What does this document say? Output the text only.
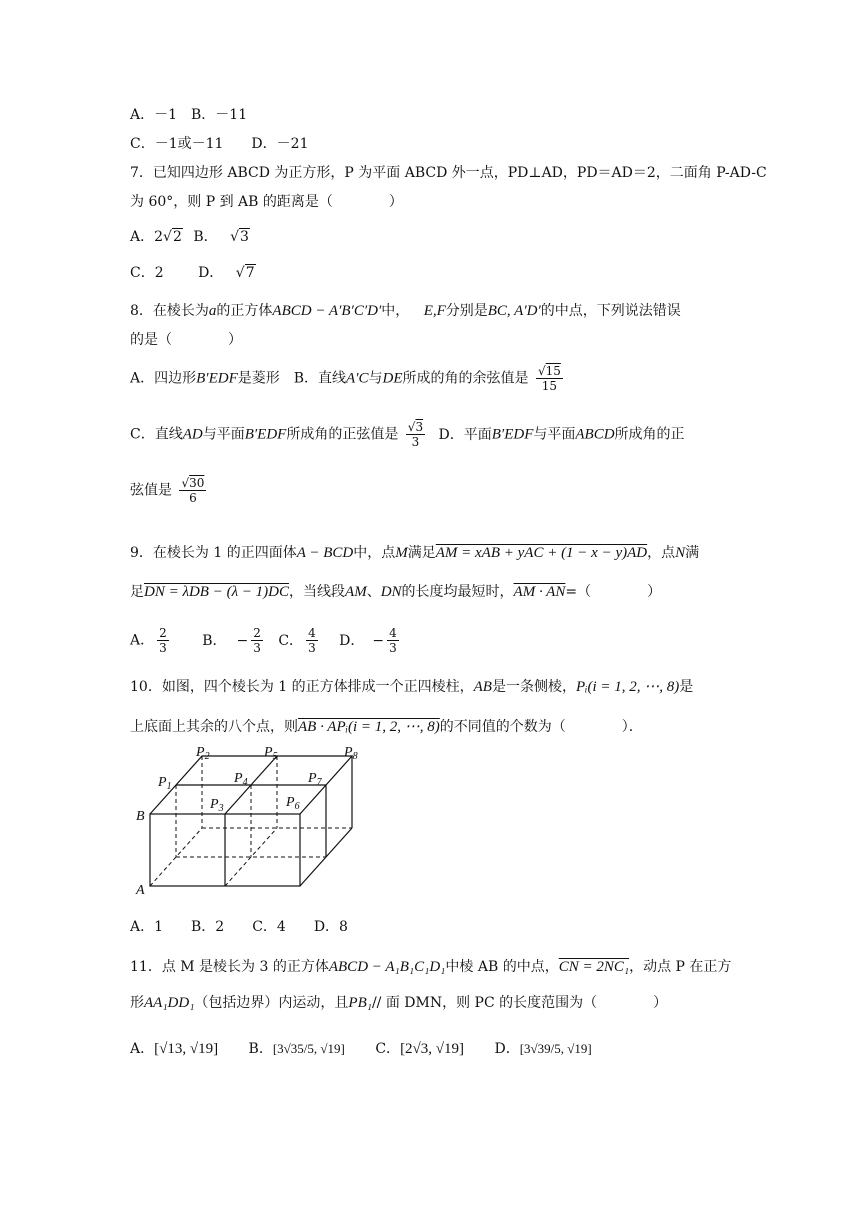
A．－1　B．－11
C．－1或－11　　D．－21
7．已知四边形 ABCD 为正方形，P 为平面 ABCD 外一点，PD⊥AD，PD＝AD＝2，二面角 P-AD-C
为 60°，则 P 到 AB 的距离是（　　　　）
A．2√2 B． √3
C．2 D． √7
8．在棱长为a的正方体ABCD − A′B′C′D′中， E,F分别是BC, A′D′的中点，下列说法错误
的是（　　　　）
A．四边形B′EDF是菱形　B．直线A′C与DE所成的角的余弦值是 $\frac{√15}{15}$
C．直线AD与平面B′EDF所成角的正弦值是 $\frac{√3}{3}$ D．平面B′EDF与平面ABCD所成角的正
弦值是 $\frac{√30}{6}$
9．在棱长为 1 的正四面体A − BCD中，点M满足AM = xAB + yAC + (1 − x − y)AD，点N满
足DN = λDB − (λ − 1)DC，当线段AM、DN的长度均最短时，AM · AN=（　　　　）
A． $\frac{2}{3}$ B． − $\frac{2}{3}$ C． $\frac{4}{3}$ D． − $\frac{4}{3}$
10．如图，四个棱长为 1 的正方体排成一个正四棱柱，AB是一条侧棱，Pᵢ(i = 1, 2, ⋯, 8)是
上底面上其余的八个点，则AB · APᵢ(i = 1, 2, ⋯, 8)的不同值的个数为（　　　　）．
$P_2$	$P_5$	$P_8$
$P_1$
$P_4$	$P_7$
$P_3$	$P_6$
B
A
A．1　　B．2　　C．4　　D．8
11．点 M 是棱长为 3 的正方体ABCD − A₁B₁C₁D₁中棱 AB 的中点，CN = 2NC₁，动点 P 在正方
形AA₁DD₁（包括边界）内运动，且PB₁// 面 DMN，则 PC 的长度范围为（　　　　）
A．[√13, √19] B．[3√35/5, √19] C．[2√3, √19] D．[3√39/5, √19]
